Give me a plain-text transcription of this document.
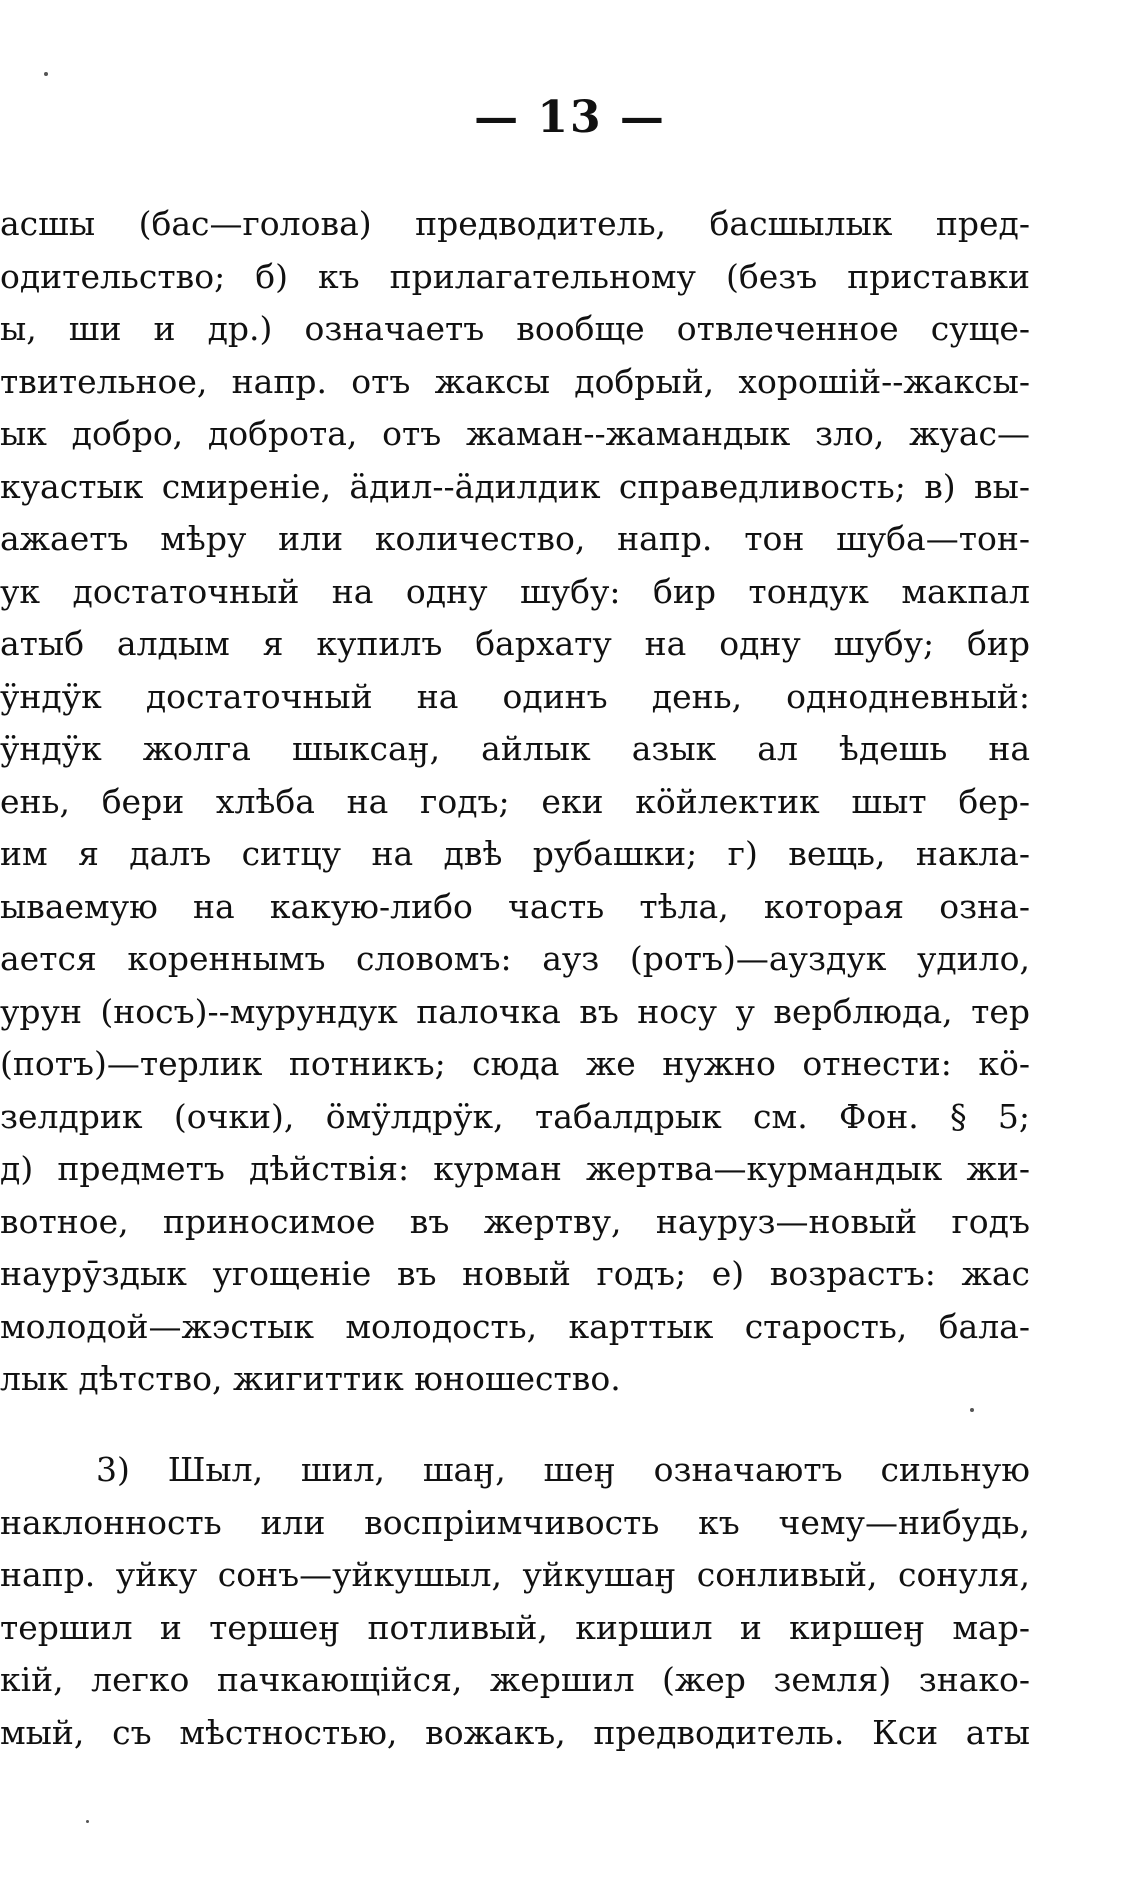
— 13 —
асшы (бас—голова) предводитель, басшылык пред-
одительство; б) къ прилагательному (безъ приставки
ы, ши и др.) означаетъ вообще отвлеченное суще-
твительное, напр. отъ жаксы добрый, хорошій--жаксы-
ык добро, доброта, отъ жаман--жамандык зло, жуас—
куастык смиреніе, ӓдил--ӓдилдик справедливость; в) вы-
ажаетъ мѣру или количество, напр. тон шуба—тон-
ук достаточный на одну шубу: бир тондук макпал
атыб алдым я купилъ бархату на одну шубу; бир
ӱндӱк достаточный на одинъ день, однодневный:
ӱндӱк жолга шыксаӈ, айлык азык ал ѣдешь на
ень, бери хлѣба на годъ; еки кӧйлектик шыт бер-
им я далъ ситцу на двѣ рубашки; г) вещь, накла-
ываемую на какую-либо часть тѣла, которая озна-
ается кореннымъ словомъ: ауз (ротъ)—ауздук удило,
урун (носъ)--мурундук палочка въ носу у верблюда, тер
(потъ)—терлик потникъ; сюда же нужно отнести: кӧ-
зелдрик (очки), ӧмӱлдрӱк, табалдрык см. Фон. § 5;
д) предметъ дѣйствія: курман жертва—курмандык жи-
вотное, приносимое въ жертву, науруз—новый годъ
наурӯздык угощеніе въ новый годъ; е) возрастъ: жас
молодой—жэстык молодость, карттык старость, бала-
лык дѣтство, жигиттик юношество.
3) Шыл, шил, шаӈ, шеӈ означаютъ сильную
наклонность или воспріимчивость къ чему—нибудь,
напр. уйку сонъ—уйкушыл, уйкушаӈ сонливый, сонуля,
тершил и тершеӈ потливый, киршил и киршеӈ мар-
кій, легко пачкающійся, жершил (жер земля) знако-
мый, съ мѣстностью, вожакъ, предводитель. Кси аты
